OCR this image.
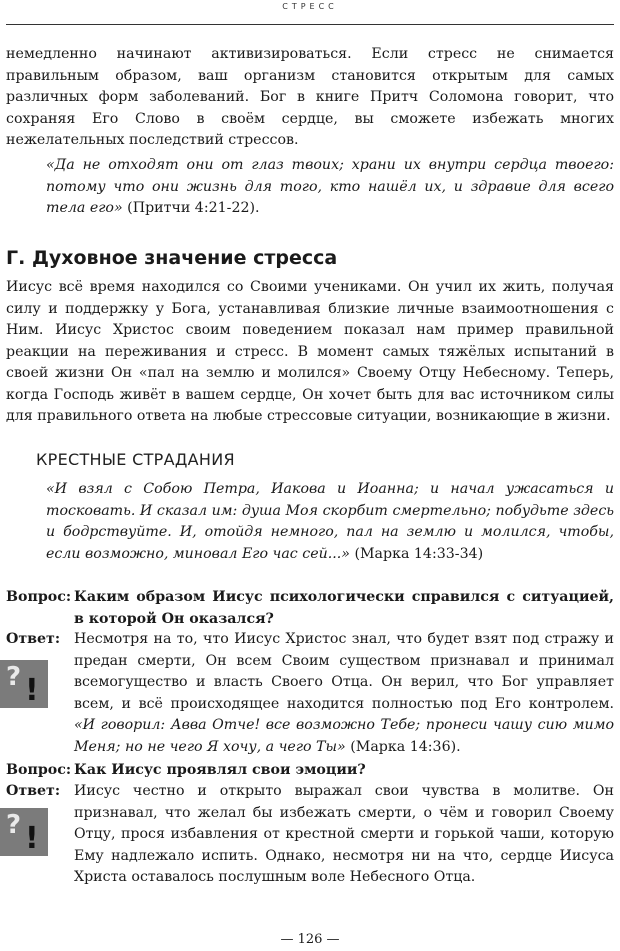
СТРЕСС

немедленно начинают активизироваться. Если стресс не снимается правильным образом, ваш организм становится открытым для самых различных форм заболеваний. Бог в книге Притч Соломона говорит, что сохраняя Его Слово в своём сердце, вы сможете избежать многих нежелательных последствий стрессов.

«Да не отходят они от глаз твоих; храни их внутри сердца твоего: потому что они жизнь для того, кто нашёл их, и здравие для всего тела его» (Притчи 4:21-22).

Г. Духовное значение стресса

Иисус всё время находился со Своими учениками. Он учил их жить, получая силу и поддержку у Бога, устанавливая близкие личные взаимоотношения с Ним. Иисус Христос своим поведением показал нам пример правильной реакции на переживания и стресс. В момент самых тяжёлых испытаний в своей жизни Он «пал на землю и молился» Своему Отцу Небесному. Теперь, когда Господь живёт в вашем сердце, Он хочет быть для вас источником силы для правильного ответа на любые стрессовые ситуации, возникающие в жизни.

КРЕСТНЫЕ СТРАДАНИЯ

«И взял с Собою Петра, Иакова и Иоанна; и начал ужасаться и тосковать. И сказал им: душа Моя скорбит смертельно; побудьте здесь и бодрствуйте. И, отойдя немного, пал на землю и молился, чтобы, если возможно, миновал Его час сей...» (Марка 14:33-34)

Вопрос: Каким образом Иисус психологически справился с ситуацией, в которой Он оказался?
Ответ:
? !

Несмотря на то, что Иисус Христос знал, что будет взят под стражу и предан смерти, Он всем Своим существом признавал и принимал всемогущество и власть Своего Отца. Он верил, что Бог управляет всем, и всё происходящее находится полностью под Его контролем. «И говорил: Авва Отче! все возможно Тебе; пронеси чашу сию мимо Меня; но не чего Я хочу, а чего Ты» (Марка 14:36).

Вопрос: Как Иисус проявлял свои эмоции?
Ответ:
? !

Иисус честно и открыто выражал свои чувства в молитве. Он признавал, что желал бы избежать смерти, о чём и говорил Своему Отцу, прося избавления от крестной смерти и горькой чаши, которую Ему надлежало испить. Однако, несмотря ни на что, сердце Иисуса Христа оставалось послушным воле Небесного Отца.

— 126 —
